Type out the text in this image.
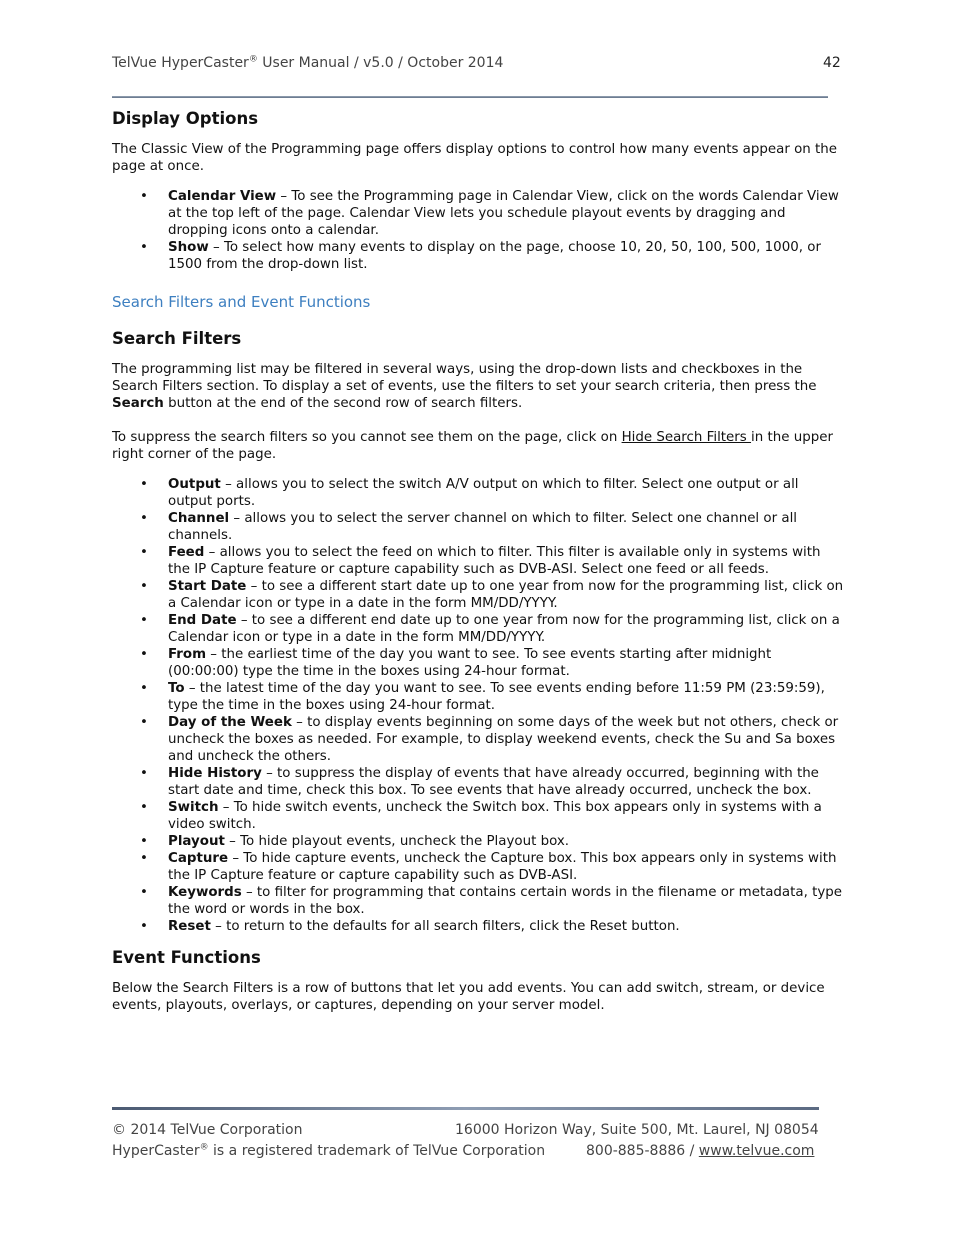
TelVue HyperCaster® User Manual / v5.0 / October 2014	42
Display Options

The Classic View of the Programming page offers display options to control how many events appear on the page at once.

• Calendar View – To see the Programming page in Calendar View, click on the words Calendar View at the top left of the page. Calendar View lets you schedule playout events by dragging and dropping icons onto a calendar.
• Show – To select how many events to display on the page, choose 10, 20, 50, 100, 500, 1000, or 1500 from the drop-down list.
Search Filters and Event Functions
Search Filters

The programming list may be filtered in several ways, using the drop-down lists and checkboxes in the Search Filters section. To display a set of events, use the filters to set your search criteria, then press the Search button at the end of the second row of search filters.

To suppress the search filters so you cannot see them on the page, click on Hide Search Filters in the upper right corner of the page.

• Output – allows you to select the switch A/V output on which to filter. Select one output or all output ports.
• Channel – allows you to select the server channel on which to filter. Select one channel or all channels.
• Feed – allows you to select the feed on which to filter. This filter is available only in systems with the IP Capture feature or capture capability such as DVB-ASI. Select one feed or all feeds.
• Start Date – to see a different start date up to one year from now for the programming list, click on a Calendar icon or type in a date in the form MM/DD/YYYY.
• End Date – to see a different end date up to one year from now for the programming list, click on a Calendar icon or type in a date in the form MM/DD/YYYY.
• From – the earliest time of the day you want to see. To see events starting after midnight (00:00:00) type the time in the boxes using 24-hour format.
• To – the latest time of the day you want to see. To see events ending before 11:59 PM (23:59:59), type the time in the boxes using 24-hour format.
• Day of the Week – to display events beginning on some days of the week but not others, check or uncheck the boxes as needed. For example, to display weekend events, check the Su and Sa boxes and uncheck the others.
• Hide History – to suppress the display of events that have already occurred, beginning with the start date and time, check this box. To see events that have already occurred, uncheck the box.
• Switch – To hide switch events, uncheck the Switch box. This box appears only in systems with a video switch.
• Playout – To hide playout events, uncheck the Playout box.
• Capture – To hide capture events, uncheck the Capture box. This box appears only in systems with the IP Capture feature or capture capability such as DVB-ASI.
• Keywords – to filter for programming that contains certain words in the filename or metadata, type the word or words in the box.
• Reset – to return to the defaults for all search filters, click the Reset button.
Event Functions

Below the Search Filters is a row of buttons that let you add events. You can add switch, stream, or device events, playouts, overlays, or captures, depending on your server model.

© 2014 TelVue Corporation	16000 Horizon Way, Suite 500, Mt. Laurel, NJ 08054
HyperCaster® is a registered trademark of TelVue Corporation	800-885-8886 / www.telvue.com
